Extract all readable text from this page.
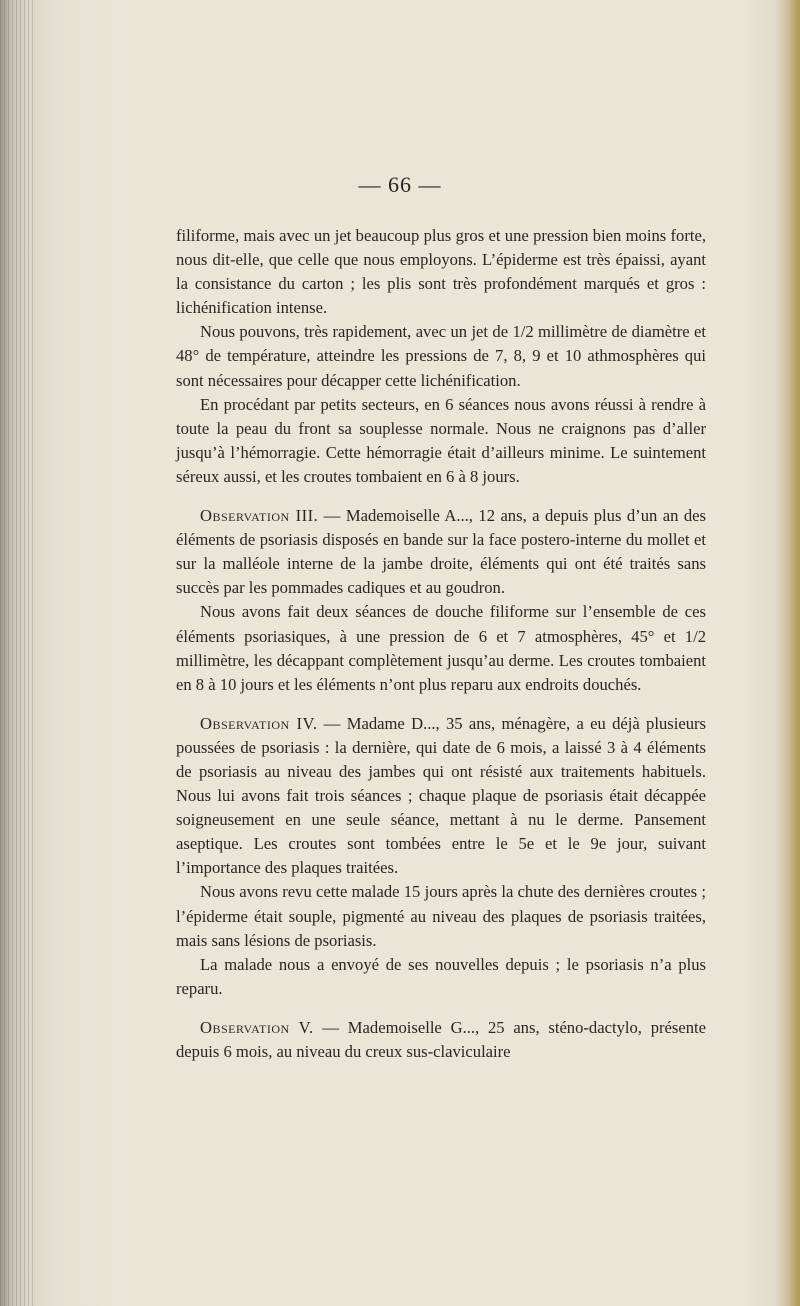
— 66 —

filiforme, mais avec un jet beaucoup plus gros et une pression bien moins forte, nous dit-elle, que celle que nous employons. L’épiderme est très épaissi, ayant la consistance du carton ; les plis sont très profondément marqués et gros : lichénification intense.

Nous pouvons, très rapidement, avec un jet de 1/2 millimètre de diamètre et 48° de température, atteindre les pressions de 7, 8, 9 et 10 athmosphères qui sont nécessaires pour décapper cette lichénification.

En procédant par petits secteurs, en 6 séances nous avons réussi à rendre à toute la peau du front sa souplesse normale. Nous ne craignons pas d’aller jusqu’à l’hémorragie. Cette hémorragie était d’ailleurs minime. Le suintement séreux aussi, et les croutes tombaient en 6 à 8 jours.

Observation III. — Mademoiselle A..., 12 ans, a depuis plus d’un an des éléments de psoriasis disposés en bande sur la face postero-interne du mollet et sur la malléole interne de la jambe droite, éléments qui ont été traités sans succès par les pommades cadiques et au goudron.

Nous avons fait deux séances de douche filiforme sur l’ensemble de ces éléments psoriasiques, à une pression de 6 et 7 atmosphères, 45° et 1/2 millimètre, les décappant complètement jusqu’au derme. Les croutes tombaient en 8 à 10 jours et les éléments n’ont plus reparu aux endroits douchés.

Observation IV. — Madame D..., 35 ans, ménagère, a eu déjà plusieurs poussées de psoriasis : la dernière, qui date de 6 mois, a laissé 3 à 4 éléments de psoriasis au niveau des jambes qui ont résisté aux traitements habituels. Nous lui avons fait trois séances ; chaque plaque de psoriasis était décappée soigneusement en une seule séance, mettant à nu le derme. Pansement aseptique. Les croutes sont tombées entre le 5e et le 9e jour, suivant l’importance des plaques traitées.

Nous avons revu cette malade 15 jours après la chute des dernières croutes ; l’épiderme était souple, pigmenté au niveau des plaques de psoriasis traitées, mais sans lésions de psoriasis.

La malade nous a envoyé de ses nouvelles depuis ; le psoriasis n’a plus reparu.

Observation V. — Mademoiselle G..., 25 ans, sténo-dactylo, présente depuis 6 mois, au niveau du creux sus-claviculaire
